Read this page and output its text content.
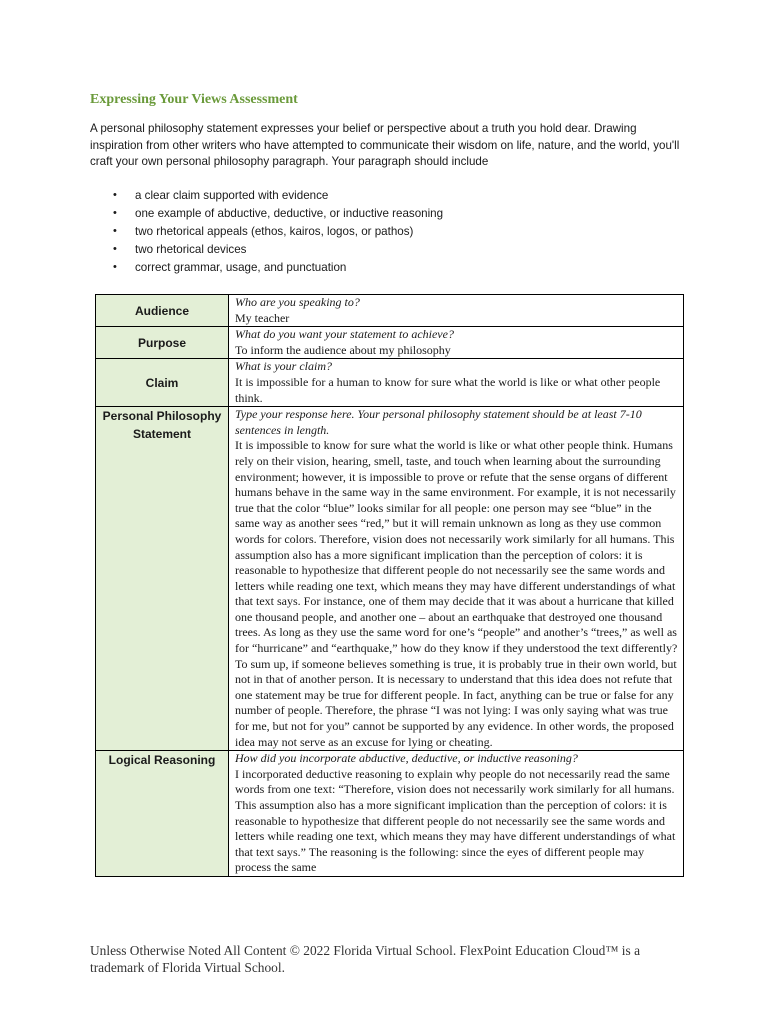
Expressing Your Views Assessment
A personal philosophy statement expresses your belief or perspective about a truth you hold dear. Drawing inspiration from other writers who have attempted to communicate their wisdom on life, nature, and the world, you'll craft your own personal philosophy paragraph. Your paragraph should include
• a clear claim supported with evidence
• one example of abductive, deductive, or inductive reasoning
• two rhetorical appeals (ethos, kairos, logos, or pathos)
• two rhetorical devices
• correct grammar, usage, and punctuation
Audience	Who are you speaking to?
My teacher

Purpose	What do you want your statement to achieve?
To inform the audience about my philosophy

Claim	What is your claim?
It is impossible for a human to know for sure what the world is like or what other people think.

Personal Philosophy Statement	Type your response here. Your personal philosophy statement should be at least 7-10 sentences in length.
It is impossible to know for sure what the world is like or what other people think. Humans rely on their vision, hearing, smell, taste, and touch when learning about the surrounding environment; however, it is impossible to prove or refute that the sense organs of different humans behave in the same way in the same environment. For example, it is not necessarily true that the color “blue” looks similar for all people: one person may see “blue” in the same way as another sees “red,” but it will remain unknown as long as they use common words for colors. Therefore, vision does not necessarily work similarly for all humans. This assumption also has a more significant implication than the perception of colors: it is reasonable to hypothesize that different people do not necessarily see the same words and letters while reading one text, which means they may have different understandings of what that text says. For instance, one of them may decide that it was about a hurricane that killed one thousand people, and another one – about an earthquake that destroyed one thousand trees. As long as they use the same word for one’s “people” and another’s “trees,” as well as for “hurricane” and “earthquake,” how do they know if they understood the text differently? To sum up, if someone believes something is true, it is probably true in their own world, but not in that of another person. It is necessary to understand that this idea does not refute that one statement may be true for different people. In fact, anything can be true or false for any number of people. Therefore, the phrase “I was not lying: I was only saying what was true for me, but not for you” cannot be supported by any evidence. In other words, the proposed idea may not serve as an excuse for lying or cheating.

Logical Reasoning	How did you incorporate abductive, deductive, or inductive reasoning?
I incorporated deductive reasoning to explain why people do not necessarily read the same words from one text: “Therefore, vision does not necessarily work similarly for all humans. This assumption also has a more significant implication than the perception of colors: it is reasonable to hypothesize that different people do not necessarily see the same words and letters while reading one text, which means they may have different understandings of what that text says.” The reasoning is the following: since the eyes of different people may process the same
Unless Otherwise Noted All Content © 2022 Florida Virtual School. FlexPoint Education Cloud™ is a trademark of Florida Virtual School.
